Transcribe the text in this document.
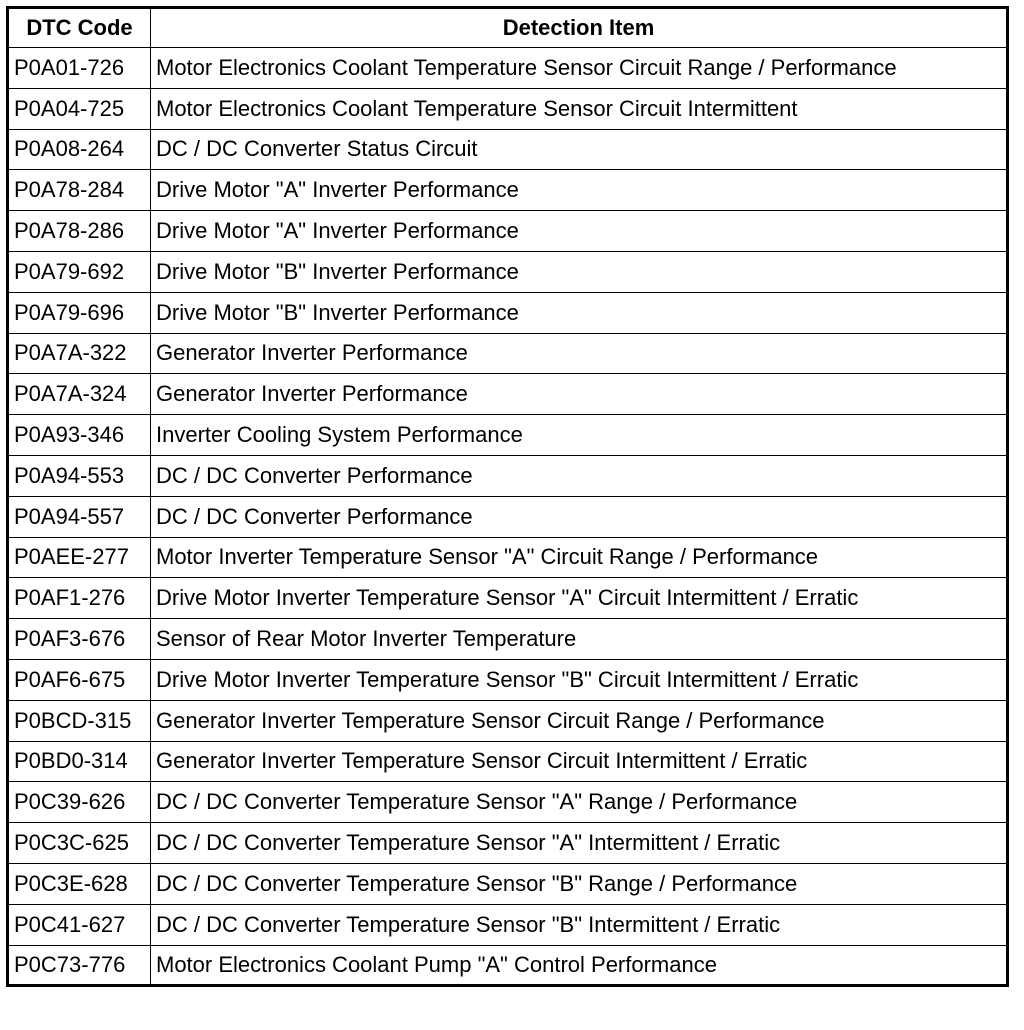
DTC Code	Detection Item
P0A01-726	Motor Electronics Coolant Temperature Sensor Circuit Range / Performance
P0A04-725	Motor Electronics Coolant Temperature Sensor Circuit Intermittent
P0A08-264	DC / DC Converter Status Circuit
P0A78-284	Drive Motor "A" Inverter Performance
P0A78-286	Drive Motor "A" Inverter Performance
P0A79-692	Drive Motor "B" Inverter Performance
P0A79-696	Drive Motor "B" Inverter Performance
P0A7A-322	Generator Inverter Performance
P0A7A-324	Generator Inverter Performance
P0A93-346	Inverter Cooling System Performance
P0A94-553	DC / DC Converter Performance
P0A94-557	DC / DC Converter Performance
P0AEE-277	Motor Inverter Temperature Sensor "A" Circuit Range / Performance
P0AF1-276	Drive Motor Inverter Temperature Sensor "A" Circuit Intermittent / Erratic
P0AF3-676	Sensor of Rear Motor Inverter Temperature
P0AF6-675	Drive Motor Inverter Temperature Sensor "B" Circuit Intermittent / Erratic
P0BCD-315	Generator Inverter Temperature Sensor Circuit Range / Performance
P0BD0-314	Generator Inverter Temperature Sensor Circuit Intermittent / Erratic
P0C39-626	DC / DC Converter Temperature Sensor "A" Range / Performance
P0C3C-625	DC / DC Converter Temperature Sensor "A" Intermittent / Erratic
P0C3E-628	DC / DC Converter Temperature Sensor "B" Range / Performance
P0C41-627	DC / DC Converter Temperature Sensor "B" Intermittent / Erratic
P0C73-776	Motor Electronics Coolant Pump "A" Control Performance
